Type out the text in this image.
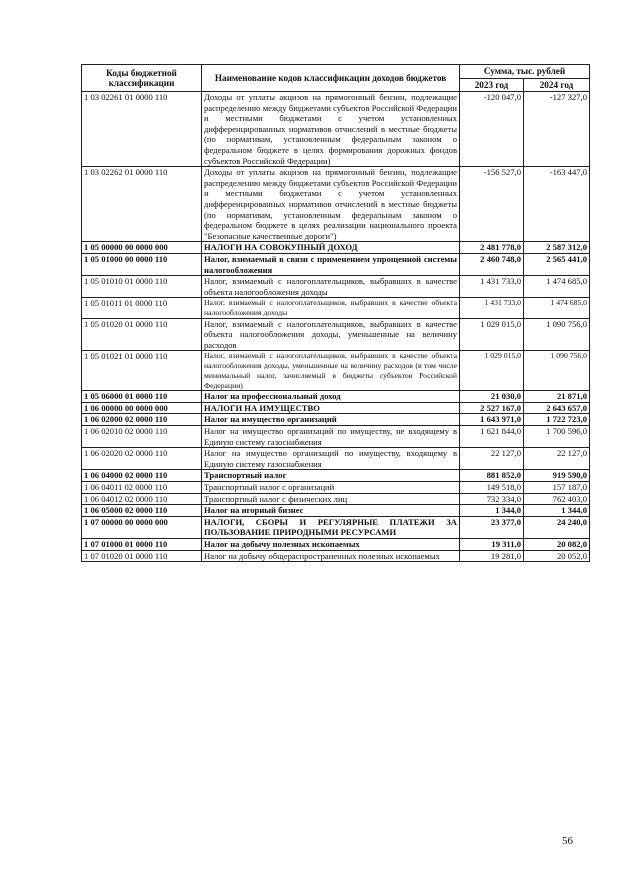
Коды бюджетной классификации	Наименование кодов классификации доходов бюджетов	Сумма, тыс. рублей	
		2023 год	2024 год
1 03 02261 01 0000 110	Доходы от уплаты акцизов на прямогонный бензин, подлежащие распределению между бюджетами субъектов Российской Федерации и местными бюджетами с учетом установленных дифференцированных нормативов отчислений в местные бюджеты (по нормативам, установленным федеральным законом о федеральном бюджете в целях формирования дорожных фондов субъектов Российской Федерации)	-120 047,0	-127 327,0
1 03 02262 01 0000 110	Доходы от уплаты акцизов на прямогонный бензин, подлежащие распределению между бюджетами субъектов Российской Федерации и местными бюджетами с учетом установленных дифференцированных нормативов отчислений в местные бюджеты (по нормативам, установленным федеральным законом о федеральном бюджете в целях реализации национального проекта "Безопасные качественные дороги")	-156 527,0	-163 447,0
1 05 00000 00 0000 000	НАЛОГИ НА СОВОКУПНЫЙ ДОХОД	2 481 778,0	2 587 312,0
1 05 01000 00 0000 110	Налог, взимаемый в связи с применением упрощенной системы налогообложения	2 460 748,0	2 565 441,0
1 05 01010 01 0000 110	Налог, взимаемый с налогоплательщиков, выбравших в качестве объекта налогообложения доходы	1 431 733,0	1 474 685,0
1 05 01011 01 0000 110	Налог, взимаемый с налогоплательщиков, выбравших в качестве объекта налогообложения доходы	1 431 733,0	1 474 685,0
1 05 01020 01 0000 110	Налог, взимаемый с налогоплательщиков, выбравших в качестве объекта налогообложения доходы, уменьшенные на величину расходов	1 029 015,0	1 090 756,0
1 05 01021 01 0000 110	Налог, взимаемый с налогоплательщиков, выбравших в качестве объекта налогообложения доходы, уменьшенные на величину расходов (в том числе минимальный налог, зачисляемый в бюджеты субъектов Российской Федерации)	1 029 015,0	1 090 756,0
1 05 06000 01 0000 110	Налог на профессиональный доход	21 030,0	21 871,0
1 06 00000 00 0000 000	НАЛОГИ НА ИМУЩЕСТВО	2 527 167,0	2 643 657,0
1 06 02000 02 0000 110	Налог на имущество организаций	1 643 971,0	1 722 723,0
1 06 02010 02 0000 110	Налог на имущество организаций по имуществу, не входящему в Единую систему газоснабжения	1 621 844,0	1 700 596,0
1 06 02020 02 0000 110	Налог на имущество организаций по имуществу, входящему в Единую систему газоснабжения	22 127,0	22 127,0
1 06 04000 02 0000 110	Транспортный налог	881 852,0	919 590,0
1 06 04011 02 0000 110	Транспортный налог с организаций	149 518,0	157 187,0
1 06 04012 02 0000 110	Транспортный налог с физических лиц	732 334,0	762 403,0
1 06 05000 02 0000 110	Налог на игорный бизнес	1 344,0	1 344,0
1 07 00000 00 0000 000	НАЛОГИ, СБОРЫ И РЕГУЛЯРНЫЕ ПЛАТЕЖИ ЗА ПОЛЬЗОВАНИЕ ПРИРОДНЫМИ РЕСУРСАМИ	23 377,0	24 240,0
1 07 01000 01 0000 110	Налог на добычу полезных ископаемых	19 311,0	20 082,0
1 07 01020 01 0000 110	Налог на добычу общераспространенных полезных ископаемых	19 281,0	20 052,0
56
